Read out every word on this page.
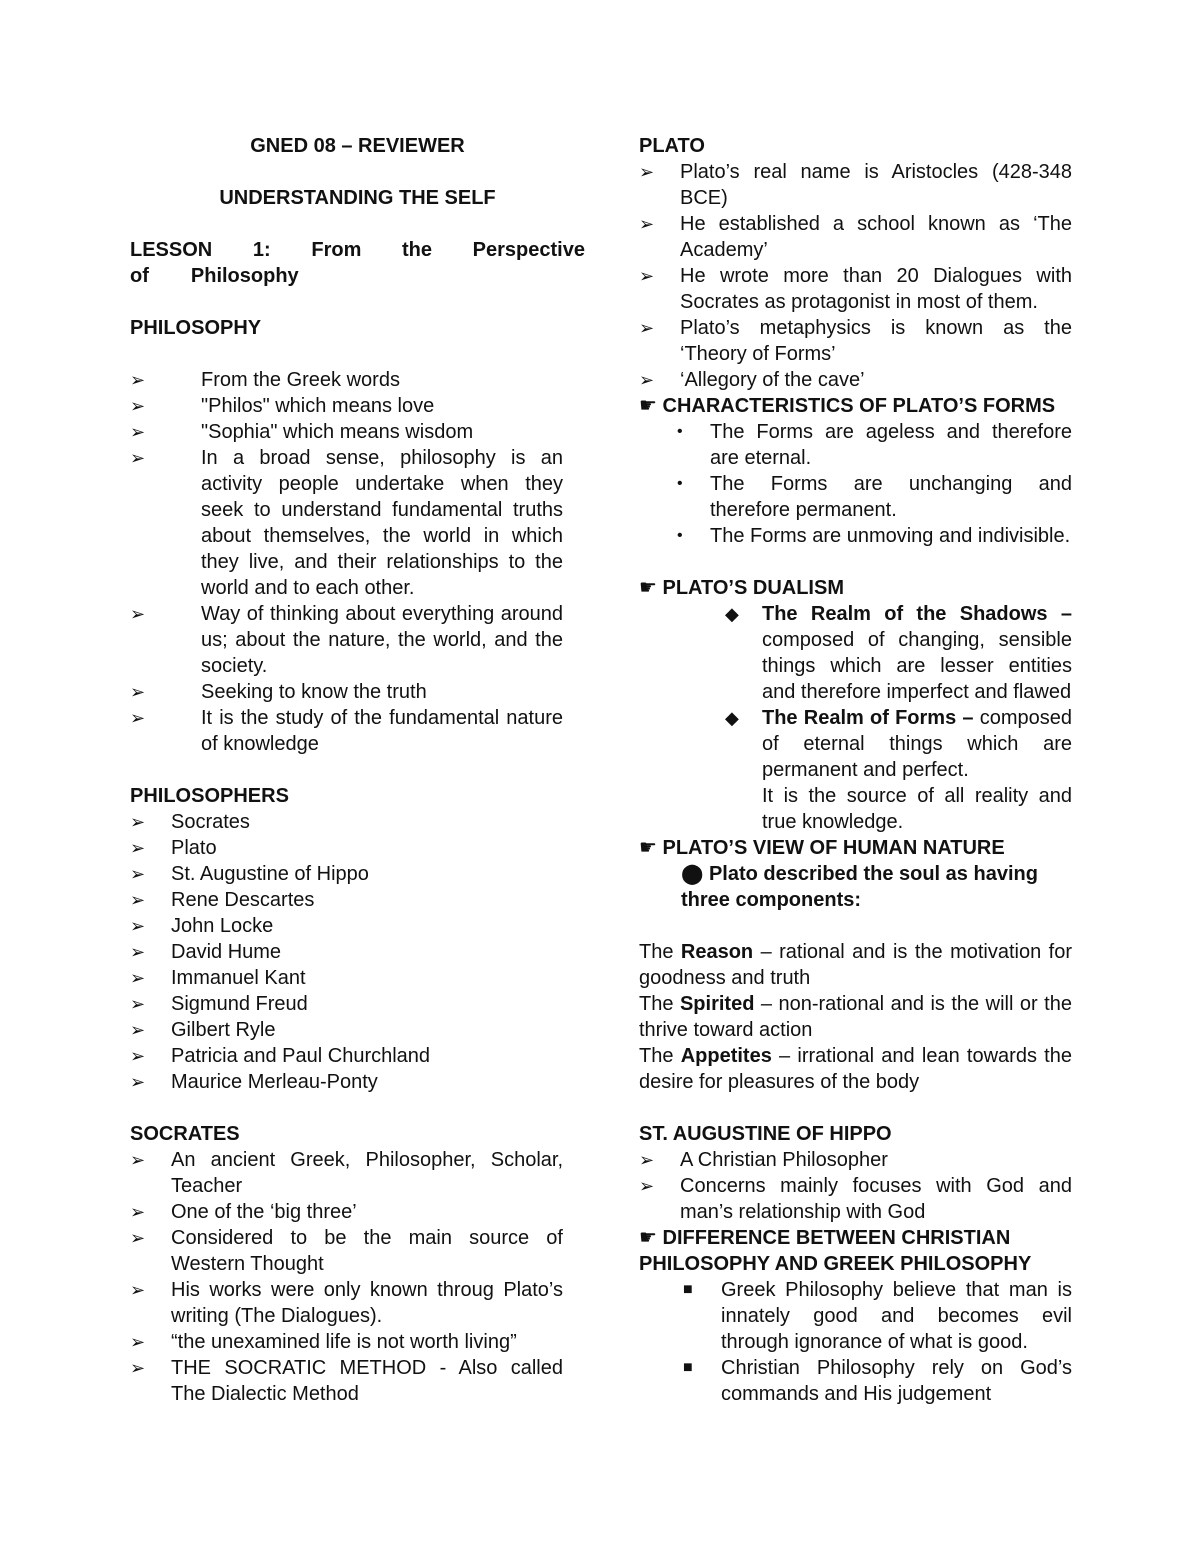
GNED 08 – REVIEWER
UNDERSTANDING THE SELF
LESSON 1: From the Perspective
of Philosophy
PHILOSOPHY
➢	From the Greek words
➢	"Philos" which means love
➢	"Sophia" which means wisdom
➢	In a broad sense, philosophy is an activity people undertake when they seek to understand fundamental truths about themselves, the world in which they live, and their relationships to the world and to each other.
➢	Way of thinking about everything around us; about the nature, the world, and the society.
➢	Seeking to know the truth
➢	It is the study of the fundamental nature of knowledge
PHILOSOPHERS
➢ Socrates
➢ Plato
➢ St. Augustine of Hippo
➢ Rene Descartes
➢ John Locke
➢ David Hume
➢ Immanuel Kant
➢ Sigmund Freud
➢ Gilbert Ryle
➢ Patricia and Paul Churchland
➢ Maurice Merleau-Ponty
SOCRATES
➢ An ancient Greek, Philosopher, Scholar, Teacher
➢ One of the ‘big three’
➢ Considered to be the main source of Western Thought
➢ His works were only known throug Plato’s writing (The Dialogues).
➢ “the unexamined life is not worth living”
➢ THE SOCRATIC METHOD - Also called The Dialectic Method
PLATO
➢ Plato’s real name is Aristocles (428-348 BCE)
➢ He established a school known as ‘The Academy’
➢ He wrote more than 20 Dialogues with Socrates as protagonist in most of them.
➢ Plato’s metaphysics is known as the ‘Theory of Forms’
➢ ‘Allegory of the cave’
☛ CHARACTERISTICS OF PLATO’S FORMS
• The Forms are ageless and therefore are eternal.
• The Forms are unchanging and therefore permanent.
• The Forms are unmoving and indivisible.
☛ PLATO’S DUALISM
◆ The Realm of the Shadows – composed of changing, sensible things which are lesser entities and therefore imperfect and flawed
◆ The Realm of Forms – composed of eternal things which are permanent and perfect.
It is the source of all reality and true knowledge.
☛ PLATO’S VIEW OF HUMAN NATURE
⬤ Plato described the soul as having three components:
The Reason – rational and is the motivation for goodness and truth
The Spirited – non-rational and is the will or the thrive toward action
The Appetites – irrational and lean towards the desire for pleasures of the body
ST. AUGUSTINE OF HIPPO
➢ A Christian Philosopher
➢ Concerns mainly focuses with God and man’s relationship with God
☛ DIFFERENCE BETWEEN CHRISTIAN PHILOSOPHY AND GREEK PHILOSOPHY
■ Greek Philosophy believe that man is innately good and becomes evil through ignorance of what is good.
■ Christian Philosophy rely on God’s commands and His judgement
